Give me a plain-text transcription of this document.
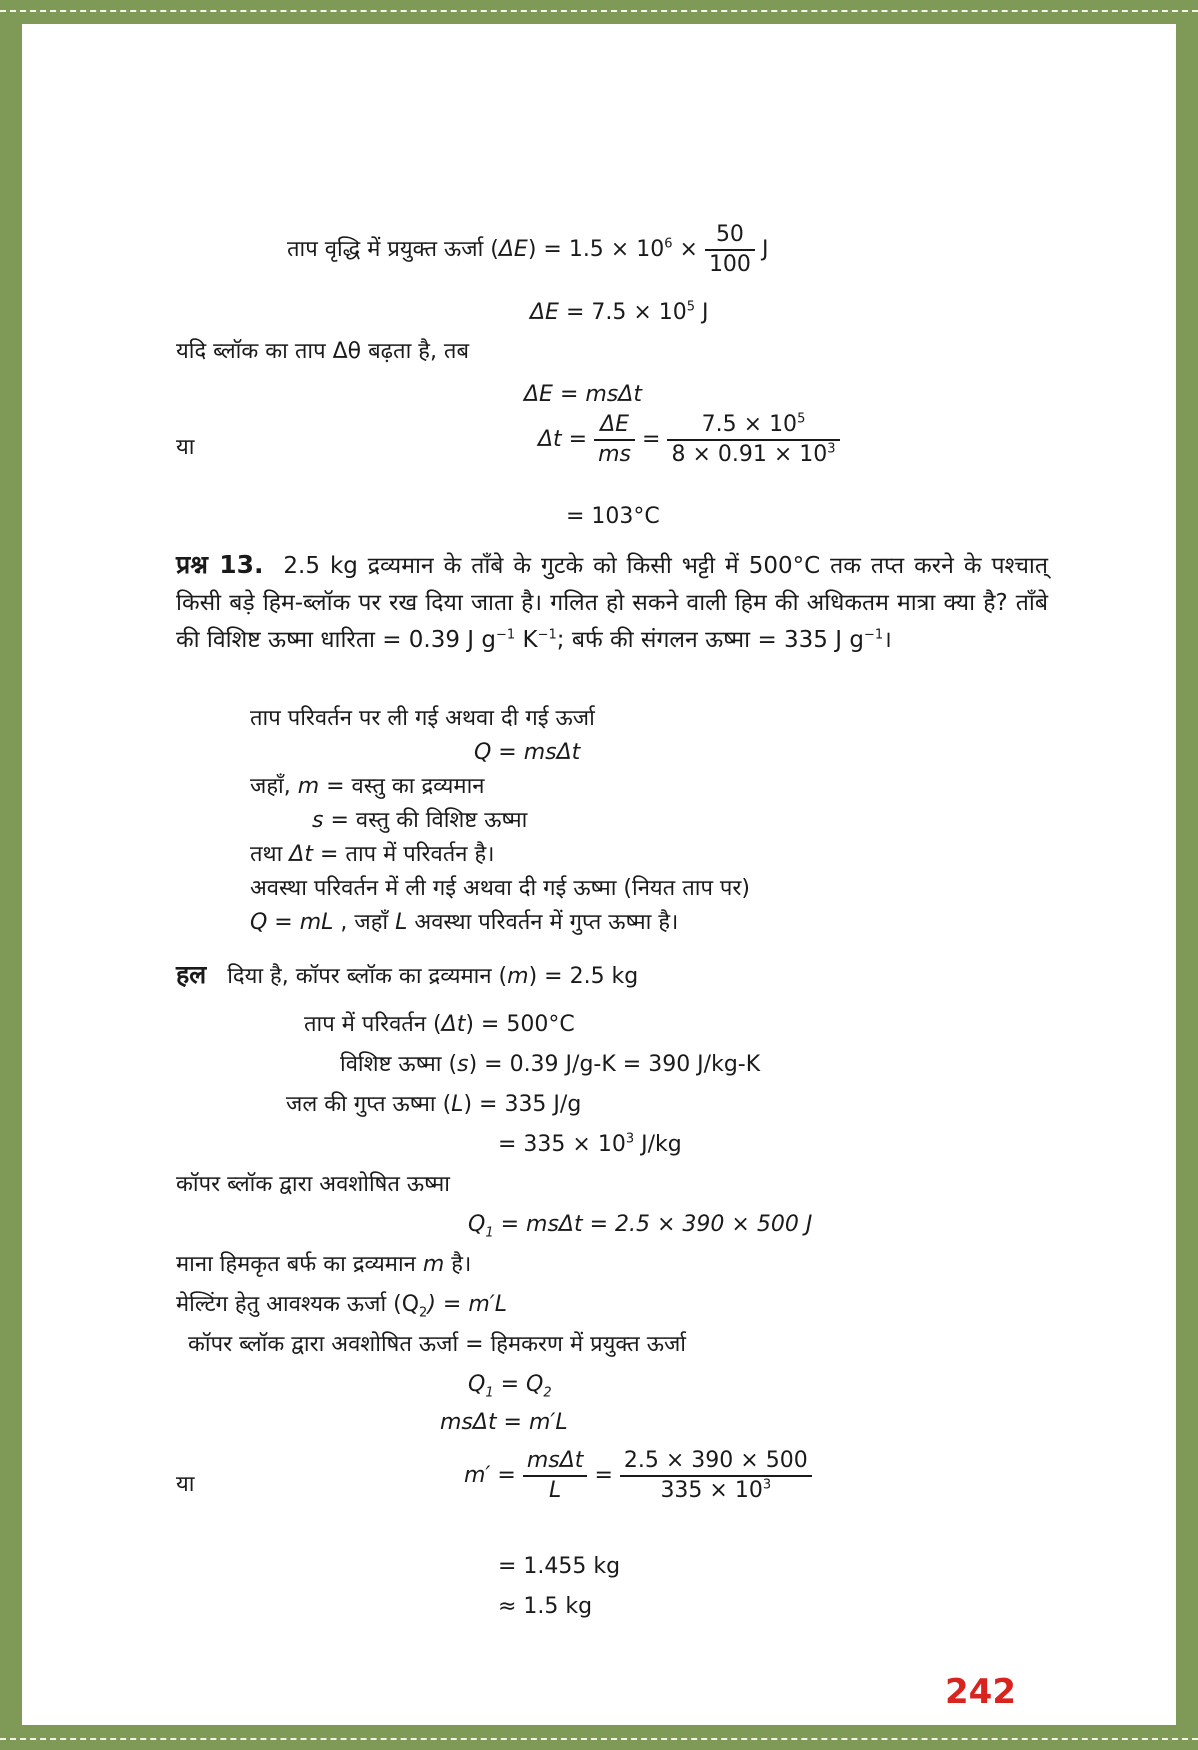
ताप वृद्धि में प्रयुक्त ऊर्जा $(\Delta E) = 1.5 \times 10^6 \times \frac{50}{100}$ J
$\Delta E = 7.5 \times 10^5$ J
यदि ब्लॉक का ताप Δθ बढ़ता है, तब
ΔE = msΔt
या	$\Delta t = \frac{\Delta E}{ms} = \frac{7.5 \times 10^5}{8 \times 0.91 \times 10^3}$
= 103°C
प्रश्न 13. 2.5 kg द्रव्यमान के ताँबे के गुटके को किसी भट्टी में 500°C तक तप्त करने के पश्चात् किसी बड़े हिम-ब्लॉक पर रख दिया जाता है। गलित हो सकने वाली हिम की अधिकतम मात्रा क्या है? ताँबे की विशिष्ट ऊष्मा धारिता = 0.39 J $g^{-1}$ $K^{-1}$; बर्फ की संगलन ऊष्मा = 335 J $g^{-1}।$
ताप परिवर्तन पर ली गई अथवा दी गई ऊर्जा
Q = msΔt
जहाँ, m = वस्तु का द्रव्यमान
s = वस्तु की विशिष्ट ऊष्मा
तथा Δt = ताप में परिवर्तन है।
अवस्था परिवर्तन में ली गई अथवा दी गई ऊष्मा (नियत ताप पर)
Q = mL , जहाँ L अवस्था परिवर्तन में गुप्त ऊष्मा है।
हल दिया है, कॉपर ब्लॉक का द्रव्यमान (m) = 2.5 kg
ताप में परिवर्तन (Δt) = 500°C
विशिष्ट ऊष्मा (s) = 0.39 J/g-K = 390 J/kg-K
जल की गुप्त ऊष्मा (L) = 335 J/g
= $335 \times 10^3$ J/kg
कॉपर ब्लॉक द्वारा अवशोषित ऊष्मा
$Q_1 = ms\Delta t = 2.5 \times 390 \times 500$ J
माना हिमकृत बर्फ का द्रव्यमान m है।
मेल्टिंग हेतु आवश्यक ऊर्जा $(Q_2) = m'L$
कॉपर ब्लॉक द्वारा अवशोषित ऊर्जा = हिमकरण में प्रयुक्त ऊर्जा
$Q_1 = Q_2$
msΔt = m′L
या	$m' = \frac{\text{msΔt}}{L} = \frac{2.5 \times 390 \times 500}{335 \times 10^3}$
= 1.455 kg
≈ 1.5 kg
242
